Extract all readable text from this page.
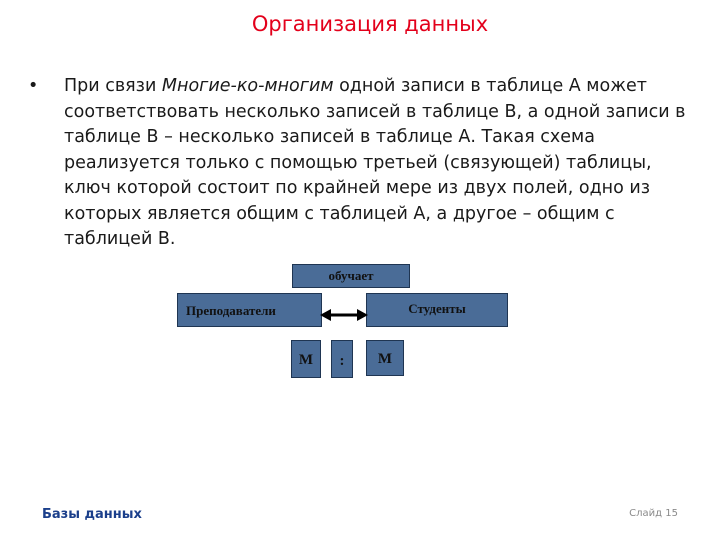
Организация данных
• При связи Многие-ко-многим одной записи в таблице А может соответствовать несколько записей в таблице В, а одной записи в таблице В – несколько записей в таблице А. Такая схема реализуется только с помощью третьей (связующей) таблицы, ключ которой состоит по крайней мере из двух полей, одно из которых является общим с таблицей А, а другое – общим с таблицей В.
обучает
Преподаватели	Студенты
М	:	М
Базы данных	Слайд 15
